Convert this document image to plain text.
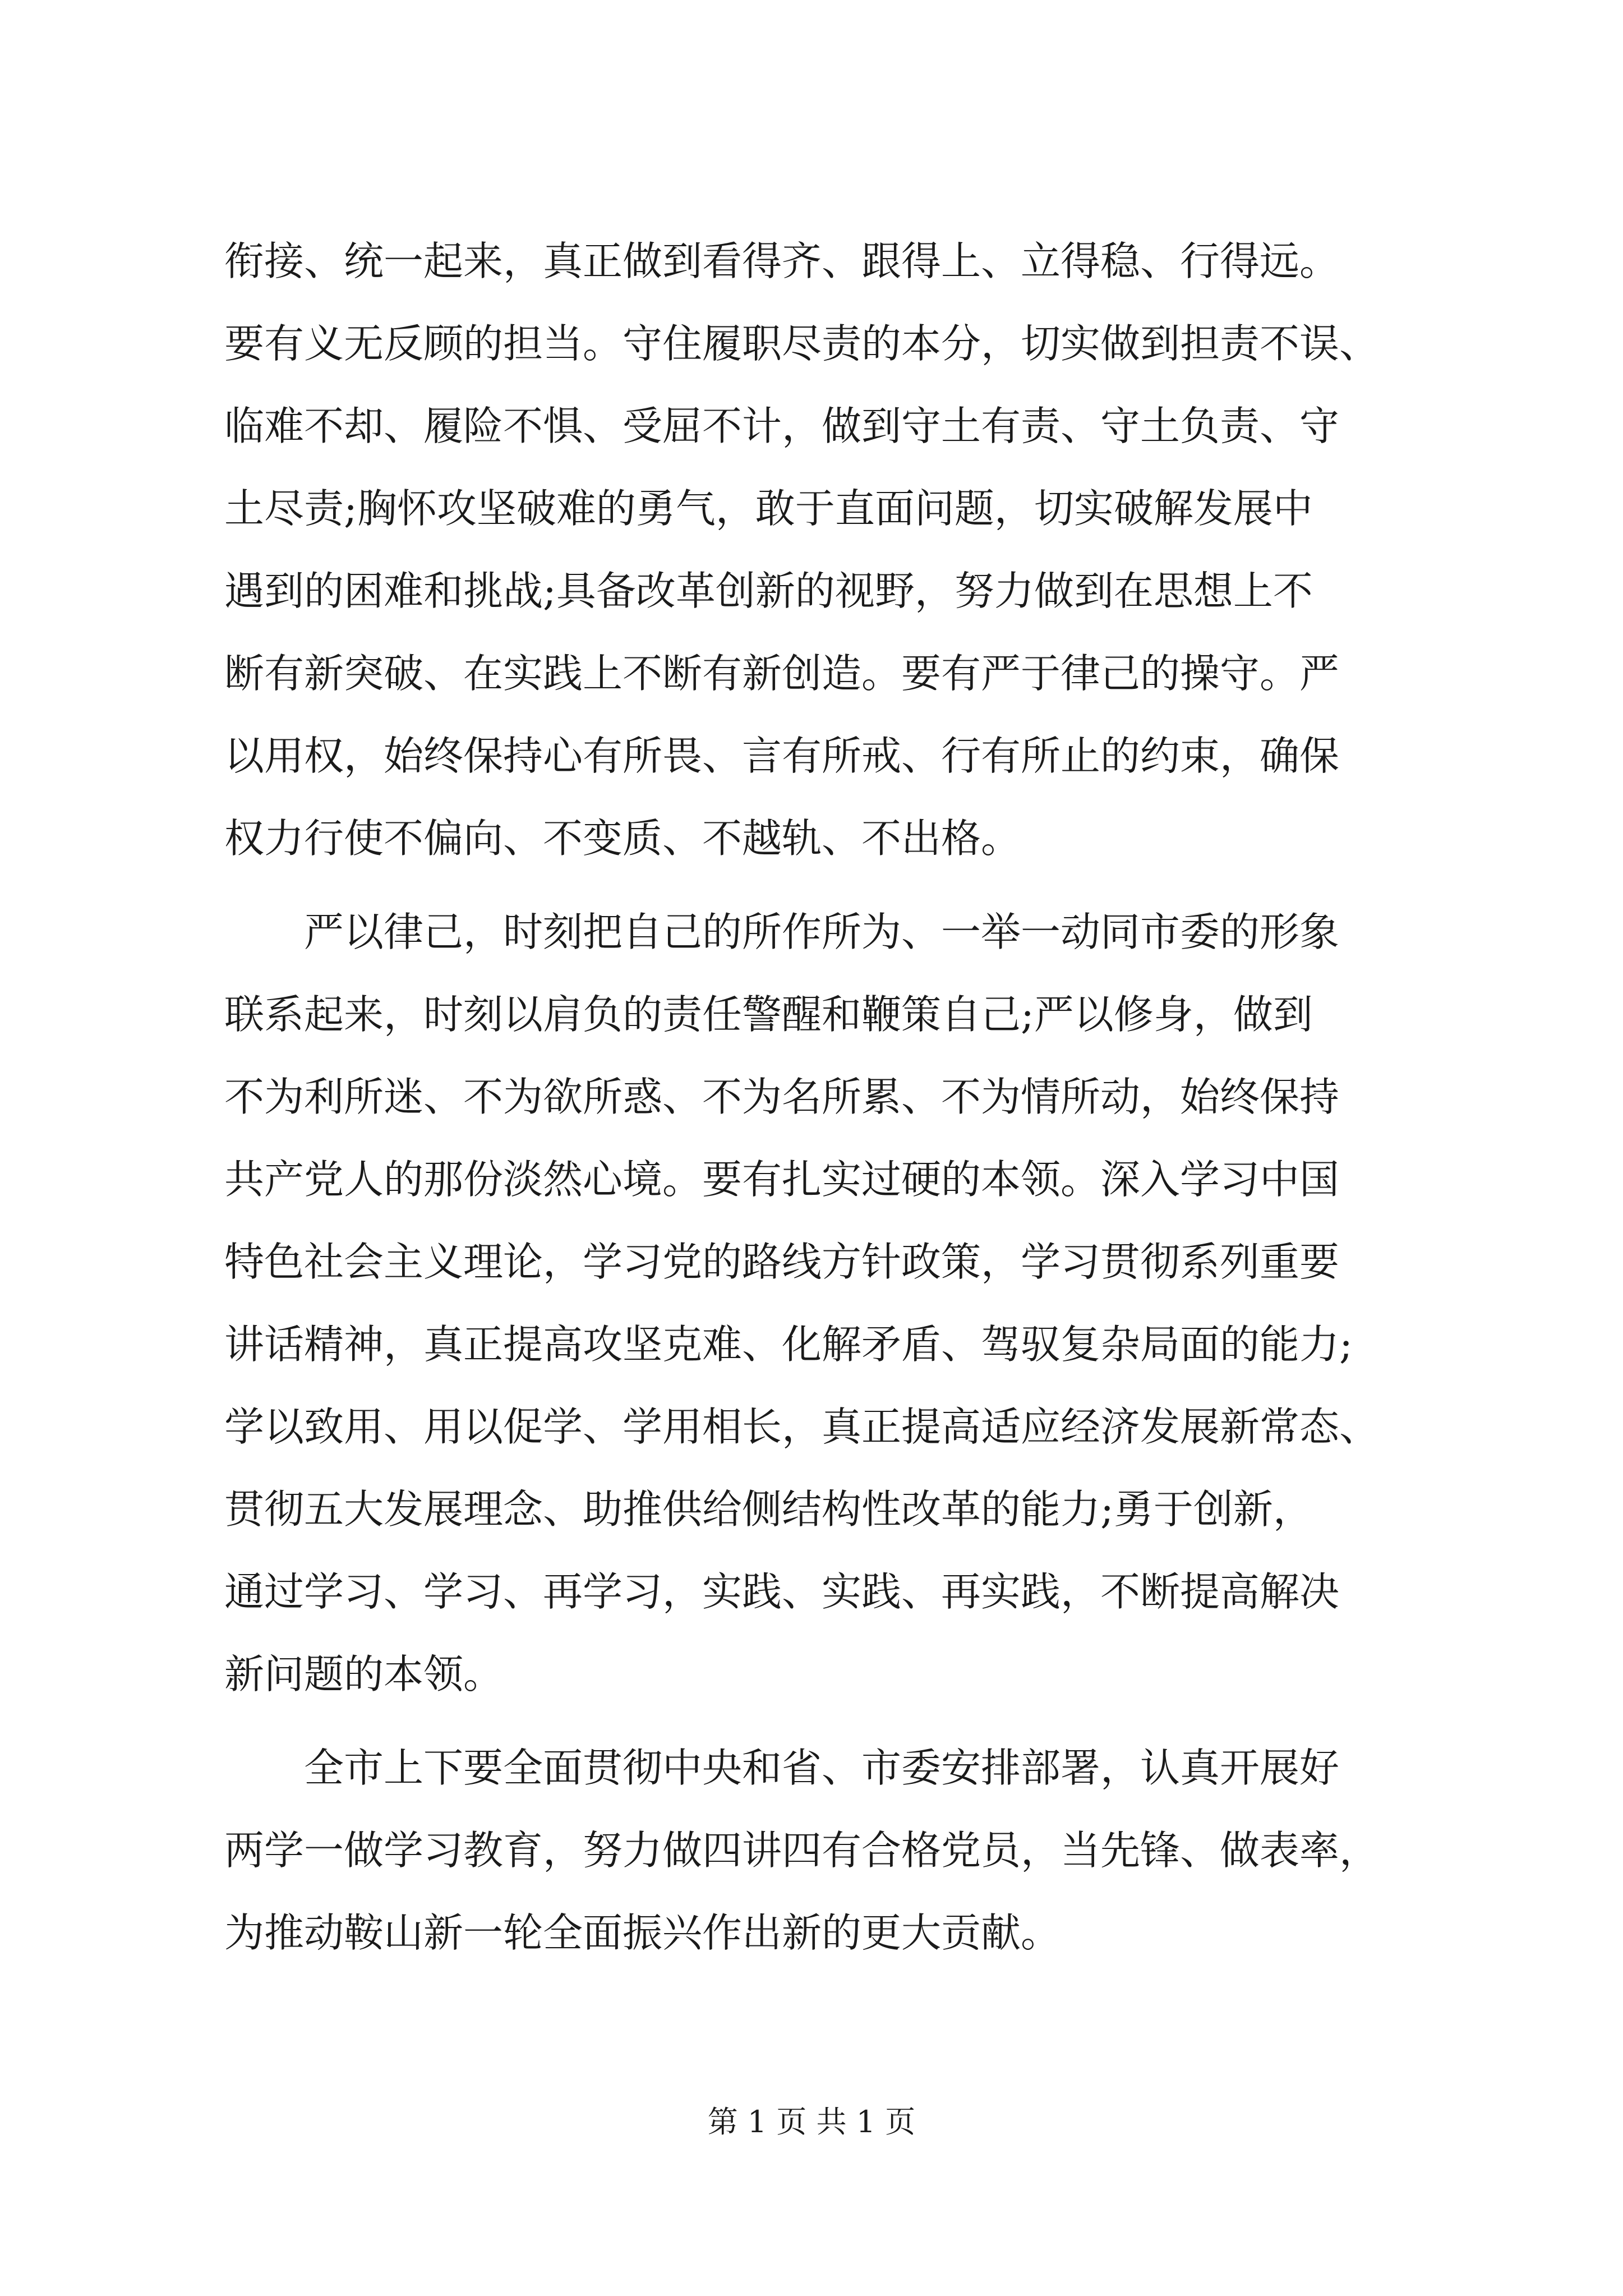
衔接、统一起来，真正做到看得齐、跟得上、立得稳、行得远。
要有义无反顾的担当。守住履职尽责的本分，切实做到担责不误、
临难不却、履险不惧、受屈不计，做到守土有责、守土负责、守
土尽责;胸怀攻坚破难的勇气，敢于直面问题，切实破解发展中
遇到的困难和挑战;具备改革创新的视野，努力做到在思想上不
断有新突破、在实践上不断有新创造。要有严于律己的操守。严
以用权，始终保持心有所畏、言有所戒、行有所止的约束，确保
权力行使不偏向、不变质、不越轨、不出格。
　　严以律己，时刻把自己的所作所为、一举一动同市委的形象
联系起来，时刻以肩负的责任警醒和鞭策自己;严以修身，做到
不为利所迷、不为欲所惑、不为名所累、不为情所动，始终保持
共产党人的那份淡然心境。要有扎实过硬的本领。深入学习中国
特色社会主义理论，学习党的路线方针政策，学习贯彻系列重要
讲话精神，真正提高攻坚克难、化解矛盾、驾驭复杂局面的能力;
学以致用、用以促学、学用相长，真正提高适应经济发展新常态、
贯彻五大发展理念、助推供给侧结构性改革的能力;勇于创新，
通过学习、学习、再学习，实践、实践、再实践，不断提高解决
新问题的本领。
　　全市上下要全面贯彻中央和省、市委安排部署，认真开展好
两学一做学习教育，努力做四讲四有合格党员，当先锋、做表率，
为推动鞍山新一轮全面振兴作出新的更大贡献。
第 1 页 共 1 页
